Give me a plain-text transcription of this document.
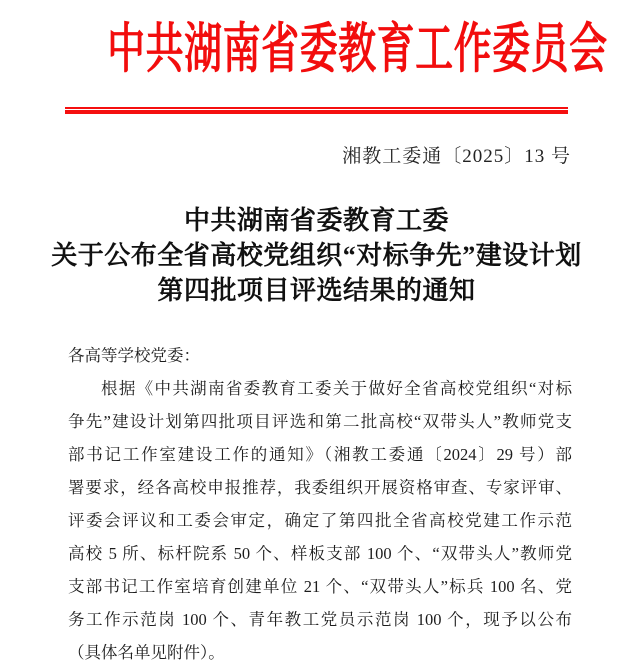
中共湖南省委教育工作委员会
湘教工委通〔2025〕13 号
中共湖南省委教育工委
关于公布全省高校党组织“对标争先”建设计划
第四批项目评选结果的通知
各高等学校党委：
根据《中共湖南省委教育工委关于做好全省高校党组织“对标
争先”建设计划第四批项目评选和第二批高校“双带头人”教师党支
部书记工作室建设工作的通知》（湘教工委通〔2024〕29 号）部
署要求，经各高校申报推荐，我委组织开展资格审查、专家评审、
评委会评议和工委会审定，确定了第四批全省高校党建工作示范
高校 5 所、标杆院系 50 个、样板支部 100 个、“双带头人”教师党
支部书记工作室培育创建单位 21 个、“双带头人”标兵 100 名、党
务工作示范岗 100 个、青年教工党员示范岗 100 个，现予以公布
（具体名单见附件）。
